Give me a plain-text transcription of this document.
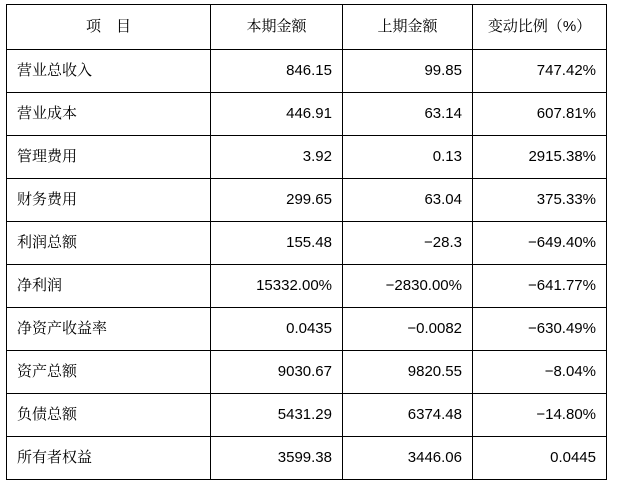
项　目	本期金额	上期金额	变动比例（%）
营业总收入	846.15	99.85	747.42%
营业成本	446.91	63.14	607.81%
管理费用	3.92	0.13	2915.38%
财务费用	299.65	63.04	375.33%
利润总额	155.48	−28.3	−649.40%
净利润	15332.00%	−2830.00%	−641.77%
净资产收益率	0.0435	−0.0082	−630.49%
资产总额	9030.67	9820.55	−8.04%
负债总额	5431.29	6374.48	−14.80%
所有者权益	3599.38	3446.06	0.0445
